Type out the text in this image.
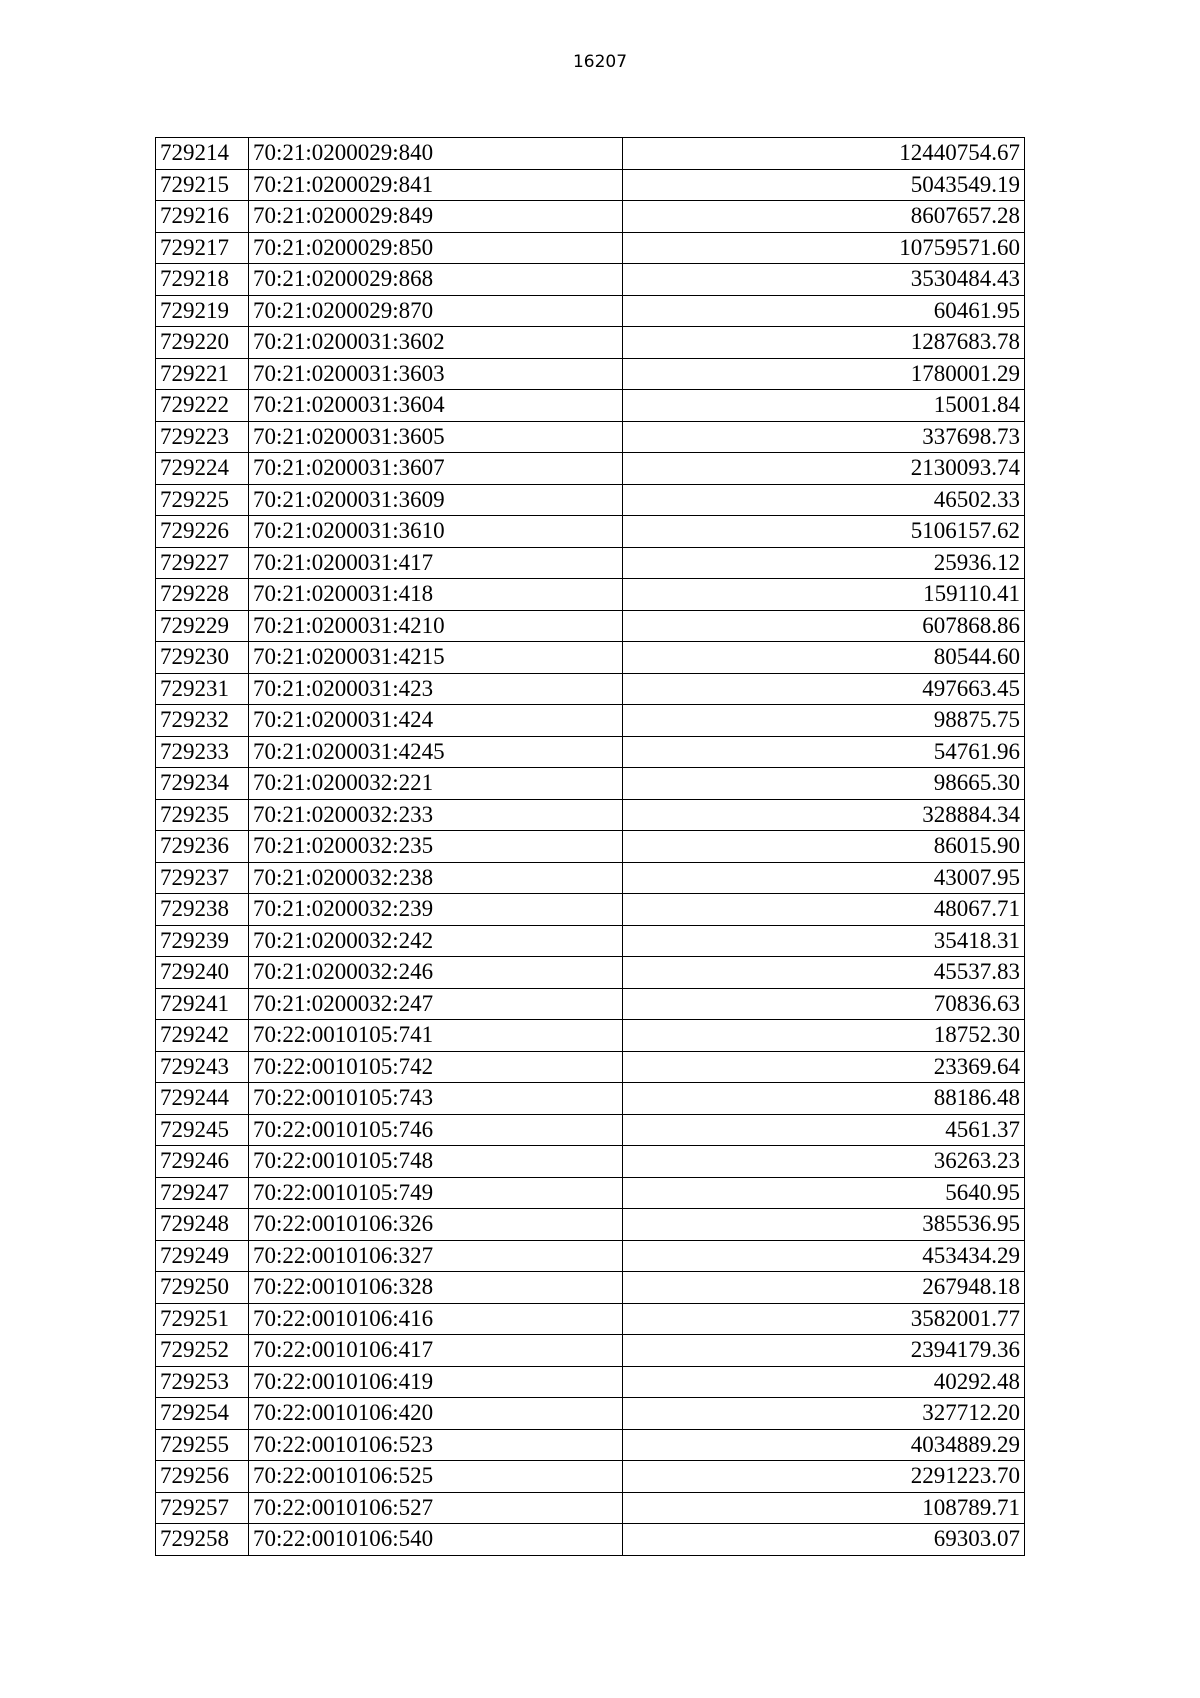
16207
729214	70:21:0200029:840	12440754.67
729215	70:21:0200029:841	5043549.19
729216	70:21:0200029:849	8607657.28
729217	70:21:0200029:850	10759571.60
729218	70:21:0200029:868	3530484.43
729219	70:21:0200029:870	60461.95
729220	70:21:0200031:3602	1287683.78
729221	70:21:0200031:3603	1780001.29
729222	70:21:0200031:3604	15001.84
729223	70:21:0200031:3605	337698.73
729224	70:21:0200031:3607	2130093.74
729225	70:21:0200031:3609	46502.33
729226	70:21:0200031:3610	5106157.62
729227	70:21:0200031:417	25936.12
729228	70:21:0200031:418	159110.41
729229	70:21:0200031:4210	607868.86
729230	70:21:0200031:4215	80544.60
729231	70:21:0200031:423	497663.45
729232	70:21:0200031:424	98875.75
729233	70:21:0200031:4245	54761.96
729234	70:21:0200032:221	98665.30
729235	70:21:0200032:233	328884.34
729236	70:21:0200032:235	86015.90
729237	70:21:0200032:238	43007.95
729238	70:21:0200032:239	48067.71
729239	70:21:0200032:242	35418.31
729240	70:21:0200032:246	45537.83
729241	70:21:0200032:247	70836.63
729242	70:22:0010105:741	18752.30
729243	70:22:0010105:742	23369.64
729244	70:22:0010105:743	88186.48
729245	70:22:0010105:746	4561.37
729246	70:22:0010105:748	36263.23
729247	70:22:0010105:749	5640.95
729248	70:22:0010106:326	385536.95
729249	70:22:0010106:327	453434.29
729250	70:22:0010106:328	267948.18
729251	70:22:0010106:416	3582001.77
729252	70:22:0010106:417	2394179.36
729253	70:22:0010106:419	40292.48
729254	70:22:0010106:420	327712.20
729255	70:22:0010106:523	4034889.29
729256	70:22:0010106:525	2291223.70
729257	70:22:0010106:527	108789.71
729258	70:22:0010106:540	69303.07
